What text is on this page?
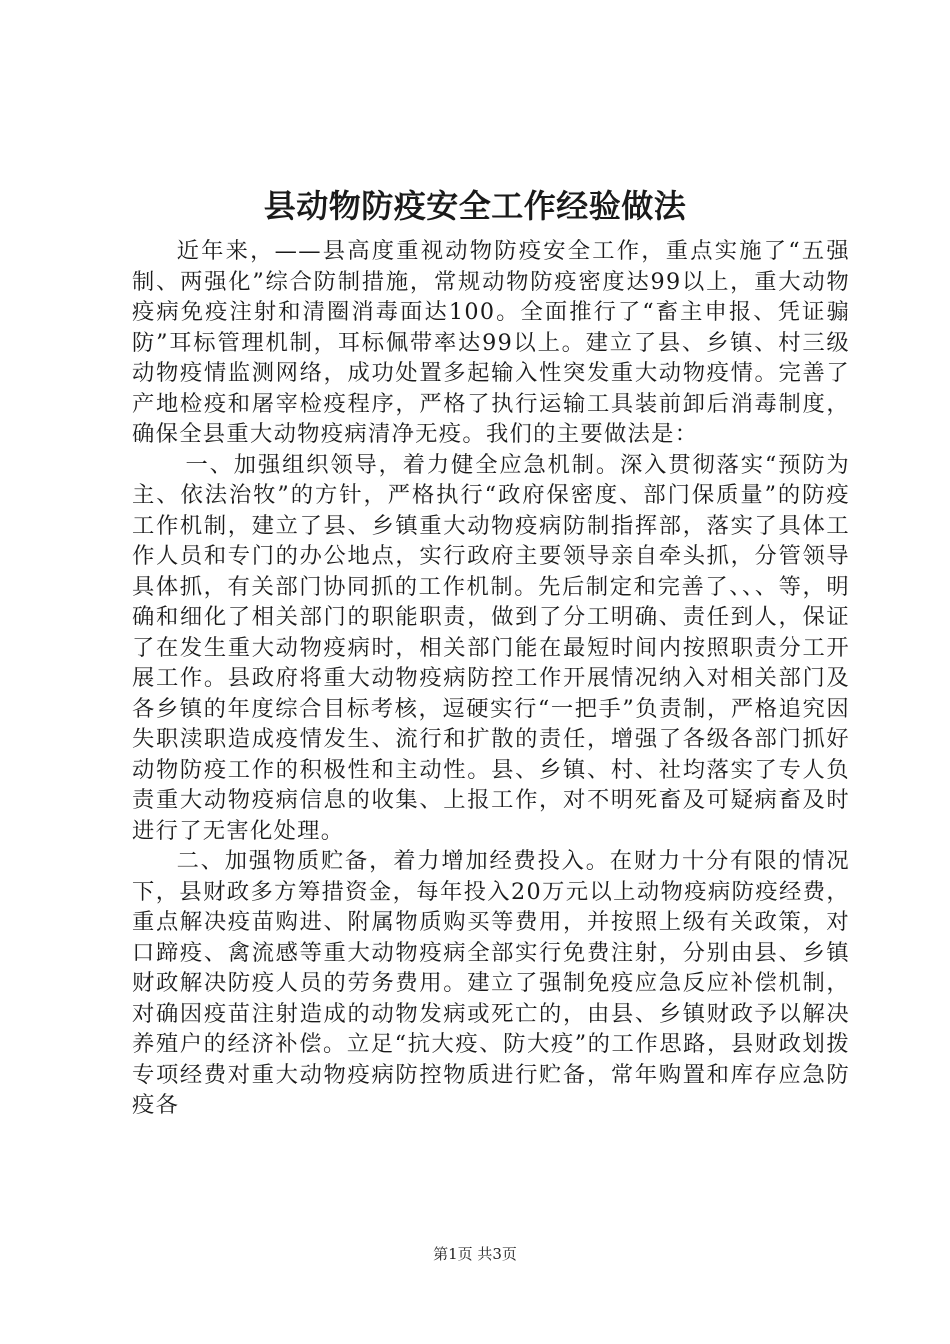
县动物防疫安全工作经验做法

近年来，——县高度重视动物防疫安全工作，重点实施了“五强制、两强化”综合防制措施，常规动物防疫密度达99以上，重大动物疫病免疫注射和清圈消毒面达100。全面推行了“畜主申报、凭证骟防”耳标管理机制，耳标佩带率达99以上。建立了县、乡镇、村三级动物疫情监测网络，成功处置多起输入性突发重大动物疫情。完善了产地检疫和屠宰检疫程序，严格了执行运输工具装前卸后消毒制度，确保全县重大动物疫病清净无疫。我们的主要做法是：

一、加强组织领导，着力健全应急机制。深入贯彻落实“预防为主、依法治牧”的方针，严格执行“政府保密度、部门保质量”的防疫工作机制，建立了县、乡镇重大动物疫病防制指挥部，落实了具体工作人员和专门的办公地点，实行政府主要领导亲自牵头抓，分管领导具体抓，有关部门协同抓的工作机制。先后制定和完善了、、、等，明确和细化了相关部门的职能职责，做到了分工明确、责任到人，保证了在发生重大动物疫病时，相关部门能在最短时间内按照职责分工开展工作。县政府将重大动物疫病防控工作开展情况纳入对相关部门及各乡镇的年度综合目标考核，逗硬实行“一把手”负责制，严格追究因失职渎职造成疫情发生、流行和扩散的责任，增强了各级各部门抓好动物防疫工作的积极性和主动性。县、乡镇、村、社均落实了专人负责重大动物疫病信息的收集、上报工作，对不明死畜及可疑病畜及时进行了无害化处理。

二、加强物质贮备，着力增加经费投入。在财力十分有限的情况下，县财政多方筹措资金，每年投入20万元以上动物疫病防疫经费，重点解决疫苗购进、附属物质购买等费用，并按照上级有关政策，对口蹄疫、禽流感等重大动物疫病全部实行免费注射，分别由县、乡镇财政解决防疫人员的劳务费用。建立了强制免疫应急反应补偿机制，对确因疫苗注射造成的动物发病或死亡的，由县、乡镇财政予以解决养殖户的经济补偿。立足“抗大疫、防大疫”的工作思路，县财政划拨专项经费对重大动物疫病防控物质进行贮备，常年购置和库存应急防疫各

第1页 共3页
